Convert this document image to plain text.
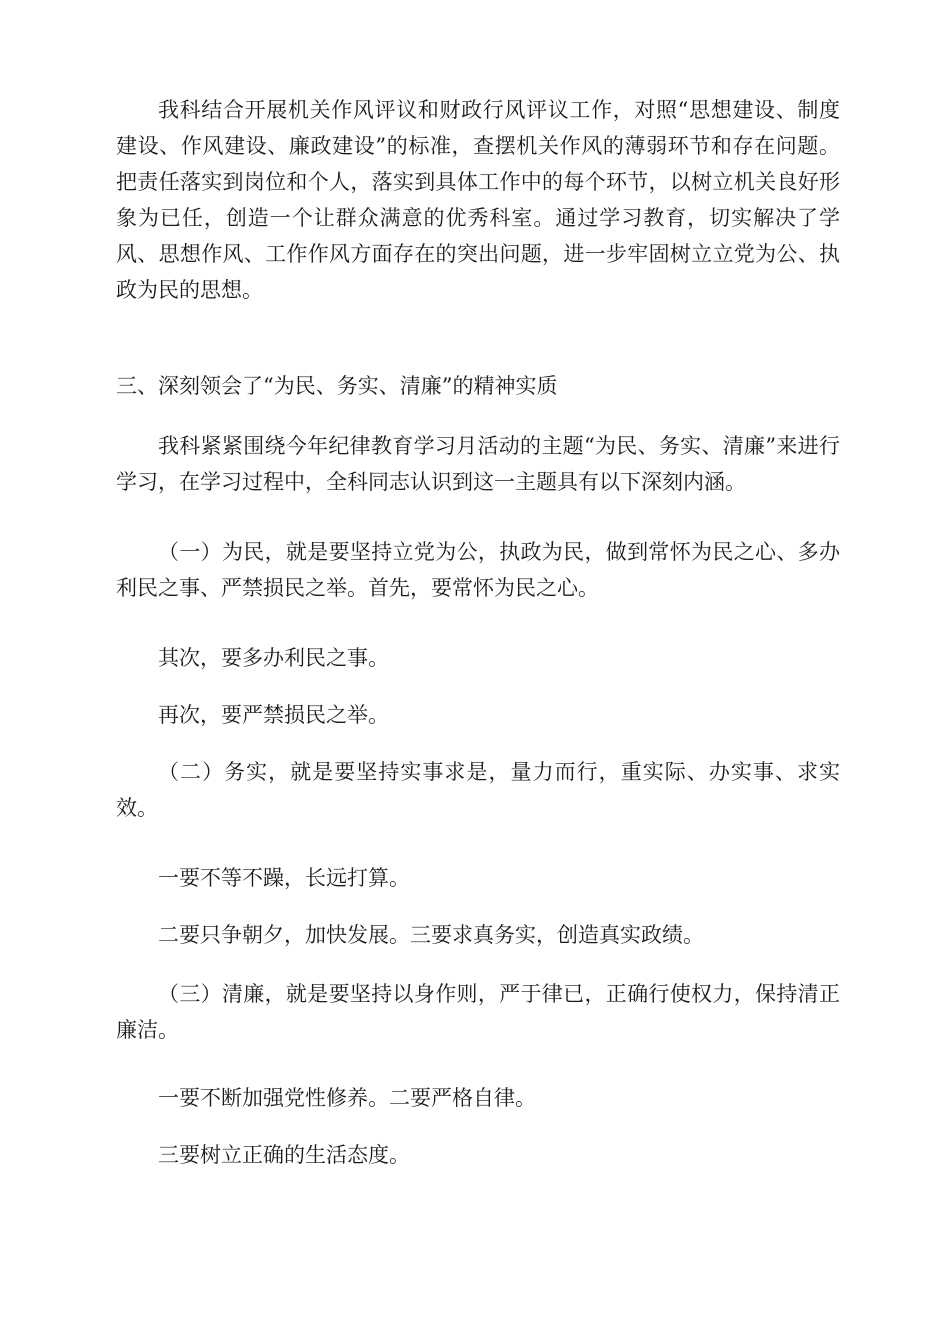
我科结合开展机关作风评议和财政行风评议工作，对照“思想建设、制度建设、作风建设、廉政建设”的标准，查摆机关作风的薄弱环节和存在问题。把责任落实到岗位和个人，落实到具体工作中的每个环节，以树立机关良好形象为已任，创造一个让群众满意的优秀科室。通过学习教育，切实解决了学风、思想作风、工作作风方面存在的突出问题，进一步牢固树立立党为公、执政为民的思想。

三、深刻领会了“为民、务实、清廉”的精神实质

我科紧紧围绕今年纪律教育学习月活动的主题“为民、务实、清廉”来进行学习，在学习过程中，全科同志认识到这一主题具有以下深刻内涵。

（一）为民，就是要坚持立党为公，执政为民，做到常怀为民之心、多办利民之事、严禁损民之举。首先，要常怀为民之心。

其次，要多办利民之事。

再次，要严禁损民之举。

（二）务实，就是要坚持实事求是，量力而行，重实际、办实事、求实效。

一要不等不躁，长远打算。

二要只争朝夕，加快发展。三要求真务实，创造真实政绩。

（三）清廉，就是要坚持以身作则，严于律已，正确行使权力，保持清正廉洁。

一要不断加强党性修养。二要严格自律。

三要树立正确的生活态度。
